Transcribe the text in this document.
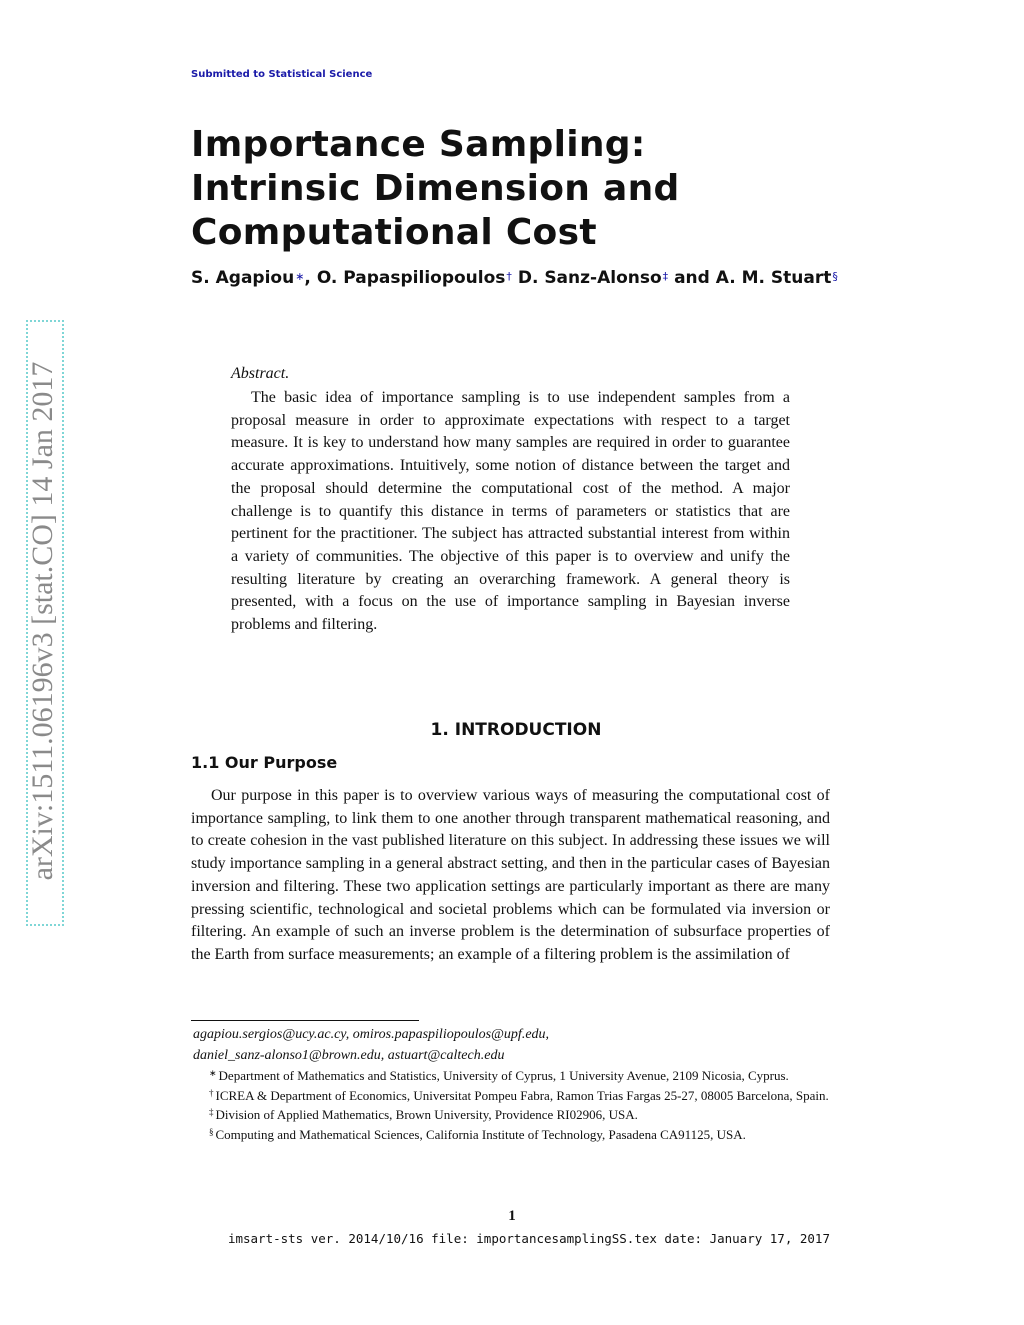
Submitted to Statistical Science
Importance Sampling: Intrinsic Dimension and Computational Cost
S. Agapiou∗, O. Papaspiliopoulos† D. Sanz-Alonso‡ and A. M. Stuart§
arXiv:1511.06196v3 [stat.CO] 14 Jan 2017	Abstract.

The basic idea of importance sampling is to use independent samples from a proposal measure in order to approximate expectations with respect to a target measure. It is key to understand how many samples are required in order to guarantee accurate approximations. Intuitively, some notion of distance between the target and the proposal should determine the computational cost of the method. A major challenge is to quantify this distance in terms of parameters or statistics that are pertinent for the practitioner. The subject has attracted substantial interest from within a variety of communities. The objective of this paper is to overview and unify the resulting literature by creating an overarching framework. A general theory is presented, with a focus on the use of importance sampling in Bayesian inverse problems and filtering.

1. INTRODUCTION
1.1 Our Purpose

Our purpose in this paper is to overview various ways of measuring the computational cost of importance sampling, to link them to one another through transparent mathematical reasoning, and to create cohesion in the vast published literature on this subject. In addressing these issues we will study importance sampling in a general abstract setting, and then in the particular cases of Bayesian inversion and filtering. These two application settings are particularly important as there are many pressing scientific, technological and societal problems which can be formulated via inversion or filtering. An example of such an inverse problem is the determination of subsurface properties of the Earth from surface measurements; an example of a filtering problem is the assimilation of

agapiou.sergios@ucy.ac.cy, omiros.papaspiliopoulos@upf.edu,
daniel_sanz-alonso1@brown.edu, astuart@caltech.edu

∗ Department of Mathematics and Statistics, University of Cyprus, 1 University Avenue, 2109 Nicosia, Cyprus.

† ICREA & Department of Economics, Universitat Pompeu Fabra, Ramon Trias Fargas 25-27, 08005 Barcelona, Spain.

‡ Division of Applied Mathematics, Brown University, Providence RI02906, USA.

§ Computing and Mathematical Sciences, California Institute of Technology, Pasadena CA91125, USA.

1
imsart-sts ver. 2014/10/16 file: importancesamplingSS.tex date: January 17, 2017
